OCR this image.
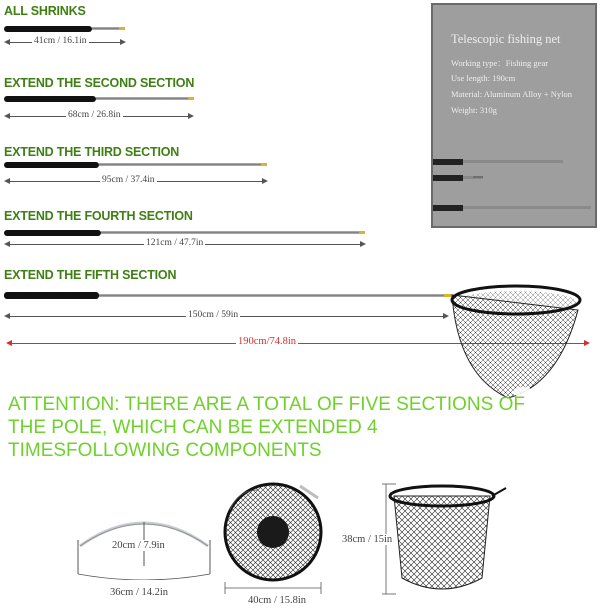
ALL SHRINKS
41cm / 16.1in
EXTEND THE SECOND SECTION
68cm / 26.8in
EXTEND THE THIRD SECTION
95cm / 37.4in
EXTEND THE FOURTH SECTION
121cm / 47.7in
EXTEND THE FIFTH SECTION
150cm / 59in
190cm/74.8in
Telescopic fishing net
Working type：Fishing gear
Use length: 190cm
Material: Aluminum Alloy + Nylon
Weight: 310g
ATTENTION: THERE ARE A TOTAL OF FIVE SECTIONS OF THE POLE, WHICH CAN BE EXTENDED 4 TIMESFOLLOWING COMPONENTS
20cm / 7.9in
36cm / 14.2in
40cm / 15.8in
38cm / 15in
